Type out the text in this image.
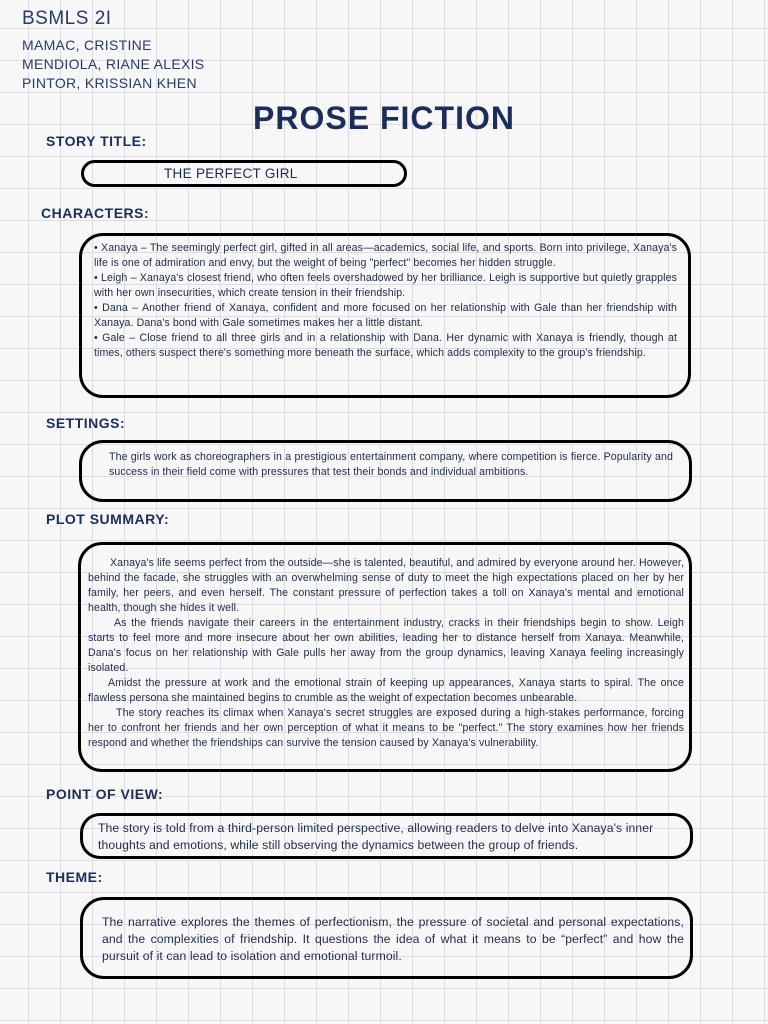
BSMLS 2I
MAMAC, CRISTINE
MENDIOLA, RIANE ALEXIS
PINTOR, KRISSIAN KHEN
PROSE FICTION
STORY TITLE:
THE PERFECT GIRL
CHARACTERS:

• Xanaya – The seemingly perfect girl, gifted in all areas—academics, social life, and sports. Born into privilege, Xanaya's life is one of admiration and envy, but the weight of being "perfect" becomes her hidden struggle.

• Leigh – Xanaya's closest friend, who often feels overshadowed by her brilliance. Leigh is supportive but quietly grapples with her own insecurities, which create tension in their friendship.

• Dana – Another friend of Xanaya, confident and more focused on her relationship with Gale than her friendship with Xanaya. Dana's bond with Gale sometimes makes her a little distant.

• Gale – Close friend to all three girls and in a relationship with Dana. Her dynamic with Xanaya is friendly, though at times, others suspect there's something more beneath the surface, which adds complexity to the group's friendship.

SETTINGS:
The girls work as choreographers in a prestigious entertainment company, where competition is fierce. Popularity and success in their field come with pressures that test their bonds and individual ambitions.
PLOT SUMMARY:

Xanaya's life seems perfect from the outside—she is talented, beautiful, and admired by everyone around her. However, behind the facade, she struggles with an overwhelming sense of duty to meet the high expectations placed on her by her family, her peers, and even herself. The constant pressure of perfection takes a toll on Xanaya's mental and emotional health, though she hides it well.

As the friends navigate their careers in the entertainment industry, cracks in their friendships begin to show. Leigh starts to feel more and more insecure about her own abilities, leading her to distance herself from Xanaya. Meanwhile, Dana's focus on her relationship with Gale pulls her away from the group dynamics, leaving Xanaya feeling increasingly isolated.

Amidst the pressure at work and the emotional strain of keeping up appearances, Xanaya starts to spiral. The once flawless persona she maintained begins to crumble as the weight of expectation becomes unbearable.

The story reaches its climax when Xanaya's secret struggles are exposed during a high-stakes performance, forcing her to confront her friends and her own perception of what it means to be "perfect." The story examines how her friends respond and whether the friendships can survive the tension caused by Xanaya's vulnerability.

POINT OF VIEW:
The story is told from a third-person limited perspective, allowing readers to delve into Xanaya's inner thoughts and emotions, while still observing the dynamics between the group of friends.
THEME:
The narrative explores the themes of perfectionism, the pressure of societal and personal expectations, and the complexities of friendship. It questions the idea of what it means to be “perfect” and how the pursuit of it can lead to isolation and emotional turmoil.
